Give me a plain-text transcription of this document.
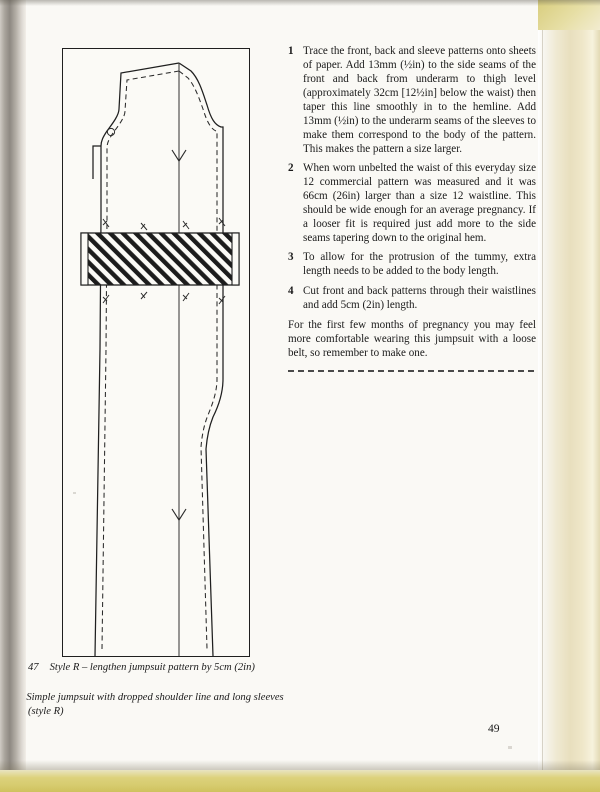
Trace the front, back and sleeve patterns onto sheets of paper. Add 13mm (½in) to the side seams of the front and back from underarm to thigh level (approximately 32cm [12½in] below the waist) then taper this line smoothly in to the hemline. Add 13mm (½in) to the underarm seams of the sleeves to make them correspond to the body of the pattern. This makes the pattern a size larger.
When worn unbelted the waist of this everyday size 12 commercial pattern was measured and it was 66cm (26in) larger than a size 12 waistline. This should be wide enough for an average pregnancy. If a looser fit is required just add more to the side seams tapering down to the original hem.
To allow for the protrusion of the tummy, extra length needs to be added to the body length.
Cut front and back patterns through their waistlines and add 5cm (2in) length.

For the first few months of pregnancy you may feel more comfortable wearing this jumpsuit with a loose belt, so remember to make one.

47 Style R – lengthen jumpsuit pattern by 5cm (2in)
Simple jumpsuit with dropped shoulder line and long sleeves (style R)
49
